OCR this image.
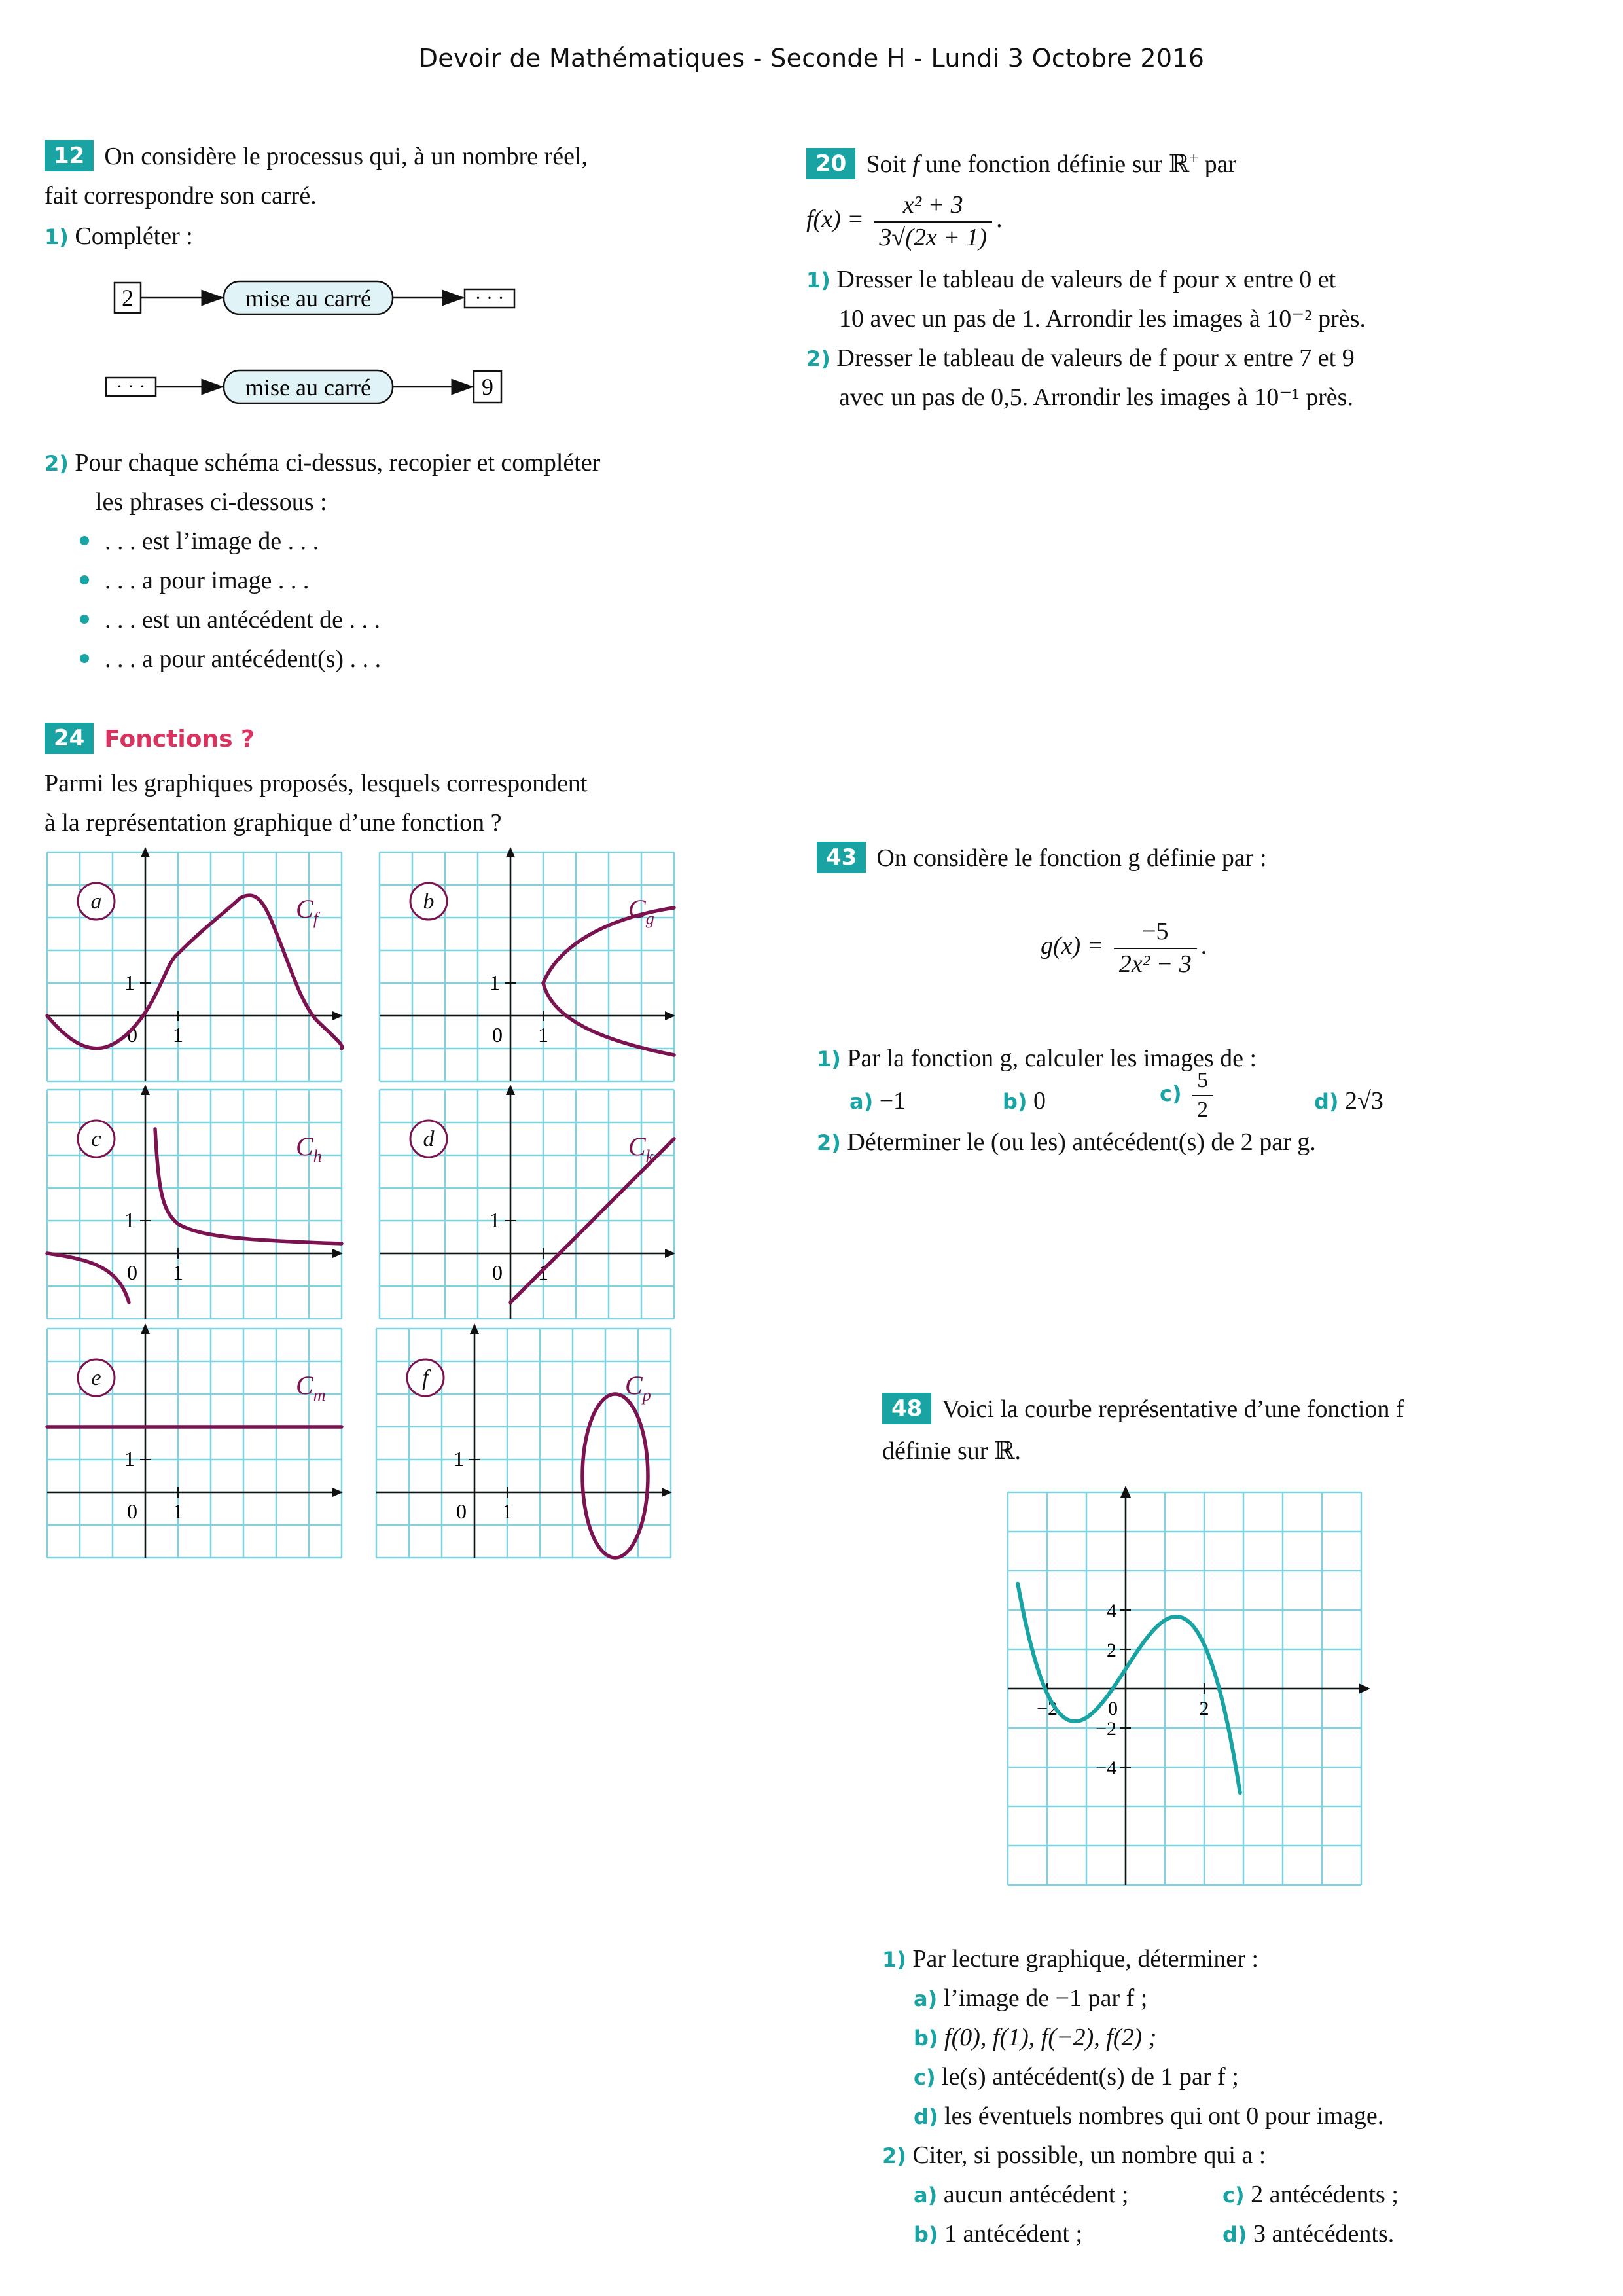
Devoir de Mathématiques - Seconde H - Lundi 3 Octobre 2016
12 On considère le processus qui, à un nombre réel,
fait correspondre son carré.
1) Compléter :
2	mise au carré	· · ·
· · ·	mise au carré	9
2) Pour chaque schéma ci-dessus, recopier et compléter
les phrases ci-dessous :
. . . est l’image de . . .
. . . a pour image . . .
. . . est un antécédent de . . .
. . . a pour antécédent(s) . . .
24 Fonctions ?
Parmi les graphiques proposés, lesquels correspondent
à la représentation graphique d’une fonction ?
0 1
1
a	$C_f$
0 1
1
b	$C_g$
0 1
1
c	$C_h$
0 1
1
d	$C_k$
0 1
1
e	$C_m$
0 1
1
f	$C_p$
20 Soit f une fonction définie sur ℝ+ par
$f(x) = \frac{\text{x² + 3}}{3√(2x + 1)}$ .
1) Dresser le tableau de valeurs de f pour x entre 0 et
10 avec un pas de 1. Arrondir les images à 10⁻² près.
2) Dresser le tableau de valeurs de f pour x entre 7 et 9
avec un pas de 0,5. Arrondir les images à 10⁻¹ près.
43 On considère le fonction g définie par :
$g(x) = \frac{-5}{\text{2x² − 3}}$ .
1) Par la fonction g, calculer les images de :
a) −1	b) 0	$c) \frac{5}{2}$	d) 2√3
2) Déterminer le (ou les) antécédent(s) de 2 par g.
48 Voici la courbe représentative d’une fonction f
définie sur ℝ.
4
2
−2
−4
−2	2
0
1) Par lecture graphique, déterminer :
a) l’image de −1 par f ;
b) f(0), f(1), f(−2), f(2) ;
c) le(s) antécédent(s) de 1 par f ;
d) les éventuels nombres qui ont 0 pour image.
2) Citer, si possible, un nombre qui a :
a) aucun antécédent ;	c) 2 antécédents ;
b) 1 antécédent ;	d) 3 antécédents.
